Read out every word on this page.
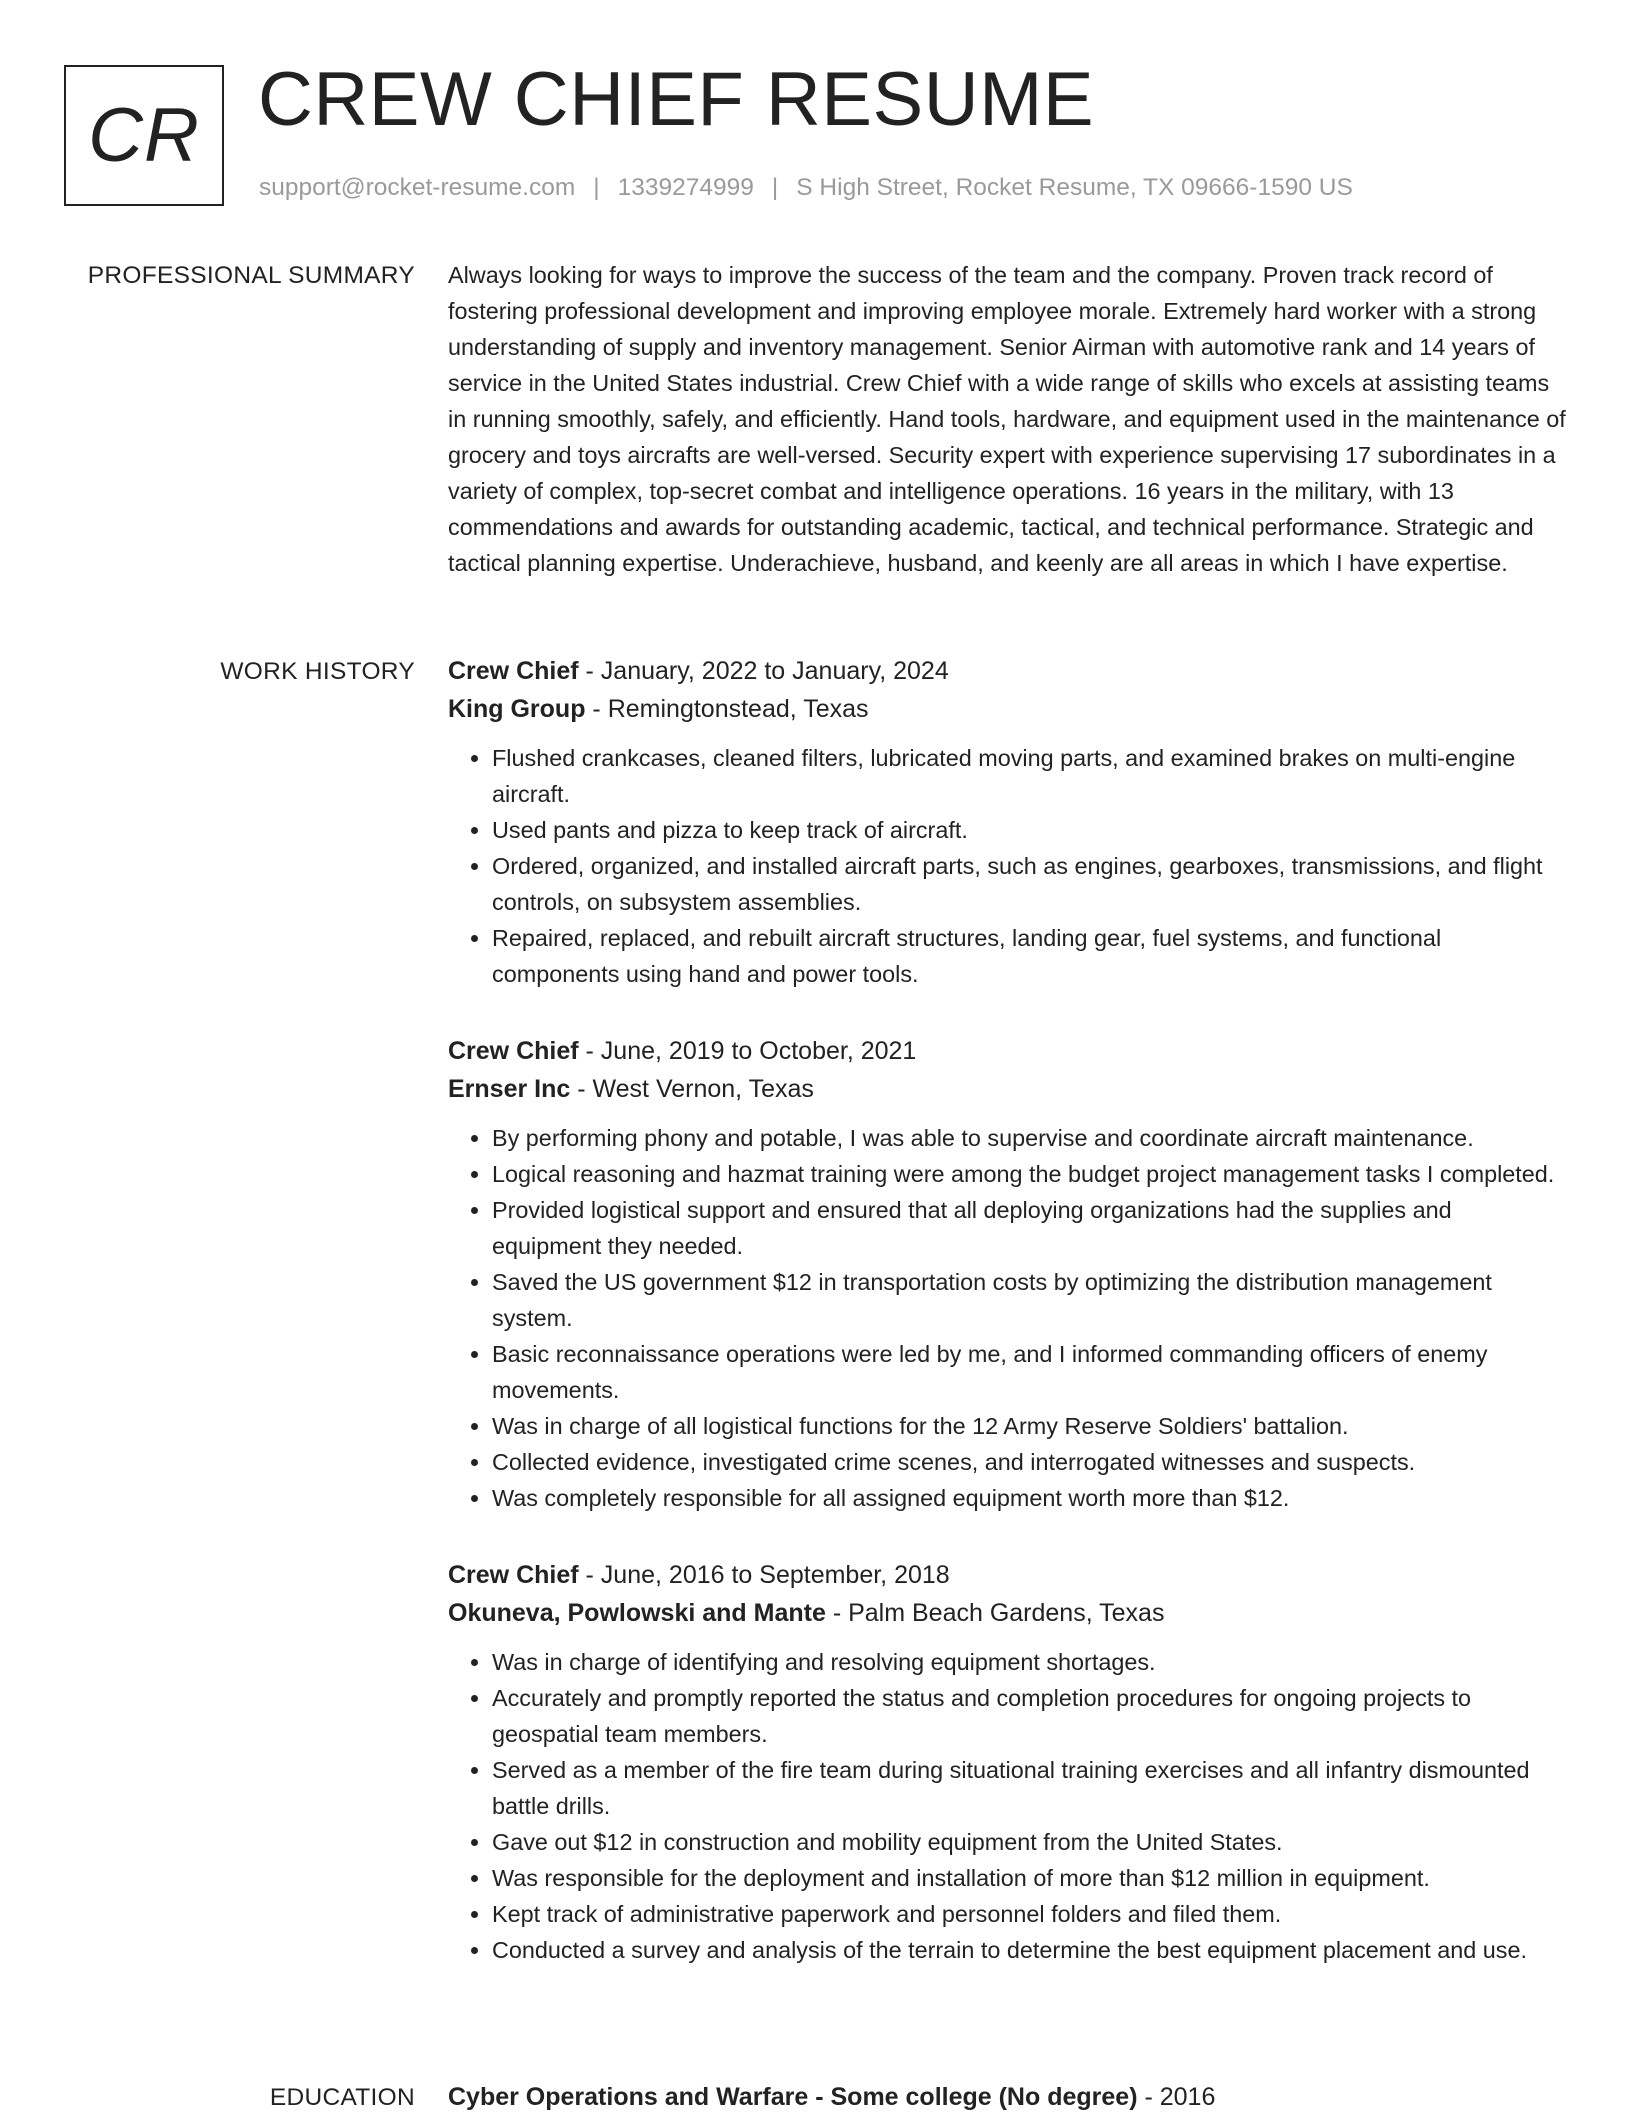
CR CREW CHIEF RESUME
support@rocket-resume.com | 1339274999 | S High Street, Rocket Resume, TX 09666-1590 US
PROFESSIONAL SUMMARY Always looking for ways to improve the success of the team and the company. Proven track record of fostering professional development and improving employee morale. Extremely hard worker with a strong understanding of supply and inventory management. Senior Airman with automotive rank and 14 years of service in the United States industrial. Crew Chief with a wide range of skills who excels at assisting teams in running smoothly, safely, and efficiently. Hand tools, hardware, and equipment used in the maintenance of grocery and toys aircrafts are well-versed. Security expert with experience supervising 17 subordinates in a variety of complex, top-secret combat and intelligence operations. 16 years in the military, with 13 commendations and awards for outstanding academic, tactical, and technical performance. Strategic and tactical planning expertise. Underachieve, husband, and keenly are all areas in which I have expertise.

WORK HISTORY Crew Chief - January, 2022 to January, 2024
King Group - Remingtonstead, Texas
• Flushed crankcases, cleaned filters, lubricated moving parts, and examined brakes on multi-engine aircraft.
• Used pants and pizza to keep track of aircraft.
• Ordered, organized, and installed aircraft parts, such as engines, gearboxes, transmissions, and flight controls, on subsystem assemblies.
• Repaired, replaced, and rebuilt aircraft structures, landing gear, fuel systems, and functional components using hand and power tools.
Crew Chief - June, 2019 to October, 2021
Ernser Inc - West Vernon, Texas
• By performing phony and potable, I was able to supervise and coordinate aircraft maintenance.
• Logical reasoning and hazmat training were among the budget project management tasks I completed.
• Provided logistical support and ensured that all deploying organizations had the supplies and equipment they needed.
• Saved the US government $12 in transportation costs by optimizing the distribution management system.
• Basic reconnaissance operations were led by me, and I informed commanding officers of enemy movements.
• Was in charge of all logistical functions for the 12 Army Reserve Soldiers' battalion.
• Collected evidence, investigated crime scenes, and interrogated witnesses and suspects.
• Was completely responsible for all assigned equipment worth more than $12.
Crew Chief - June, 2016 to September, 2018
Okuneva, Powlowski and Mante - Palm Beach Gardens, Texas
• Was in charge of identifying and resolving equipment shortages.
• Accurately and promptly reported the status and completion procedures for ongoing projects to geospatial team members.
• Served as a member of the fire team during situational training exercises and all infantry dismounted battle drills.
• Gave out $12 in construction and mobility equipment from the United States.
• Was responsible for the deployment and installation of more than $12 million in equipment.
• Kept track of administrative paperwork and personnel folders and filed them.
• Conducted a survey and analysis of the terrain to determine the best equipment placement and use.
EDUCATION Cyber Operations and Warfare - Some college (No degree) - 2016
